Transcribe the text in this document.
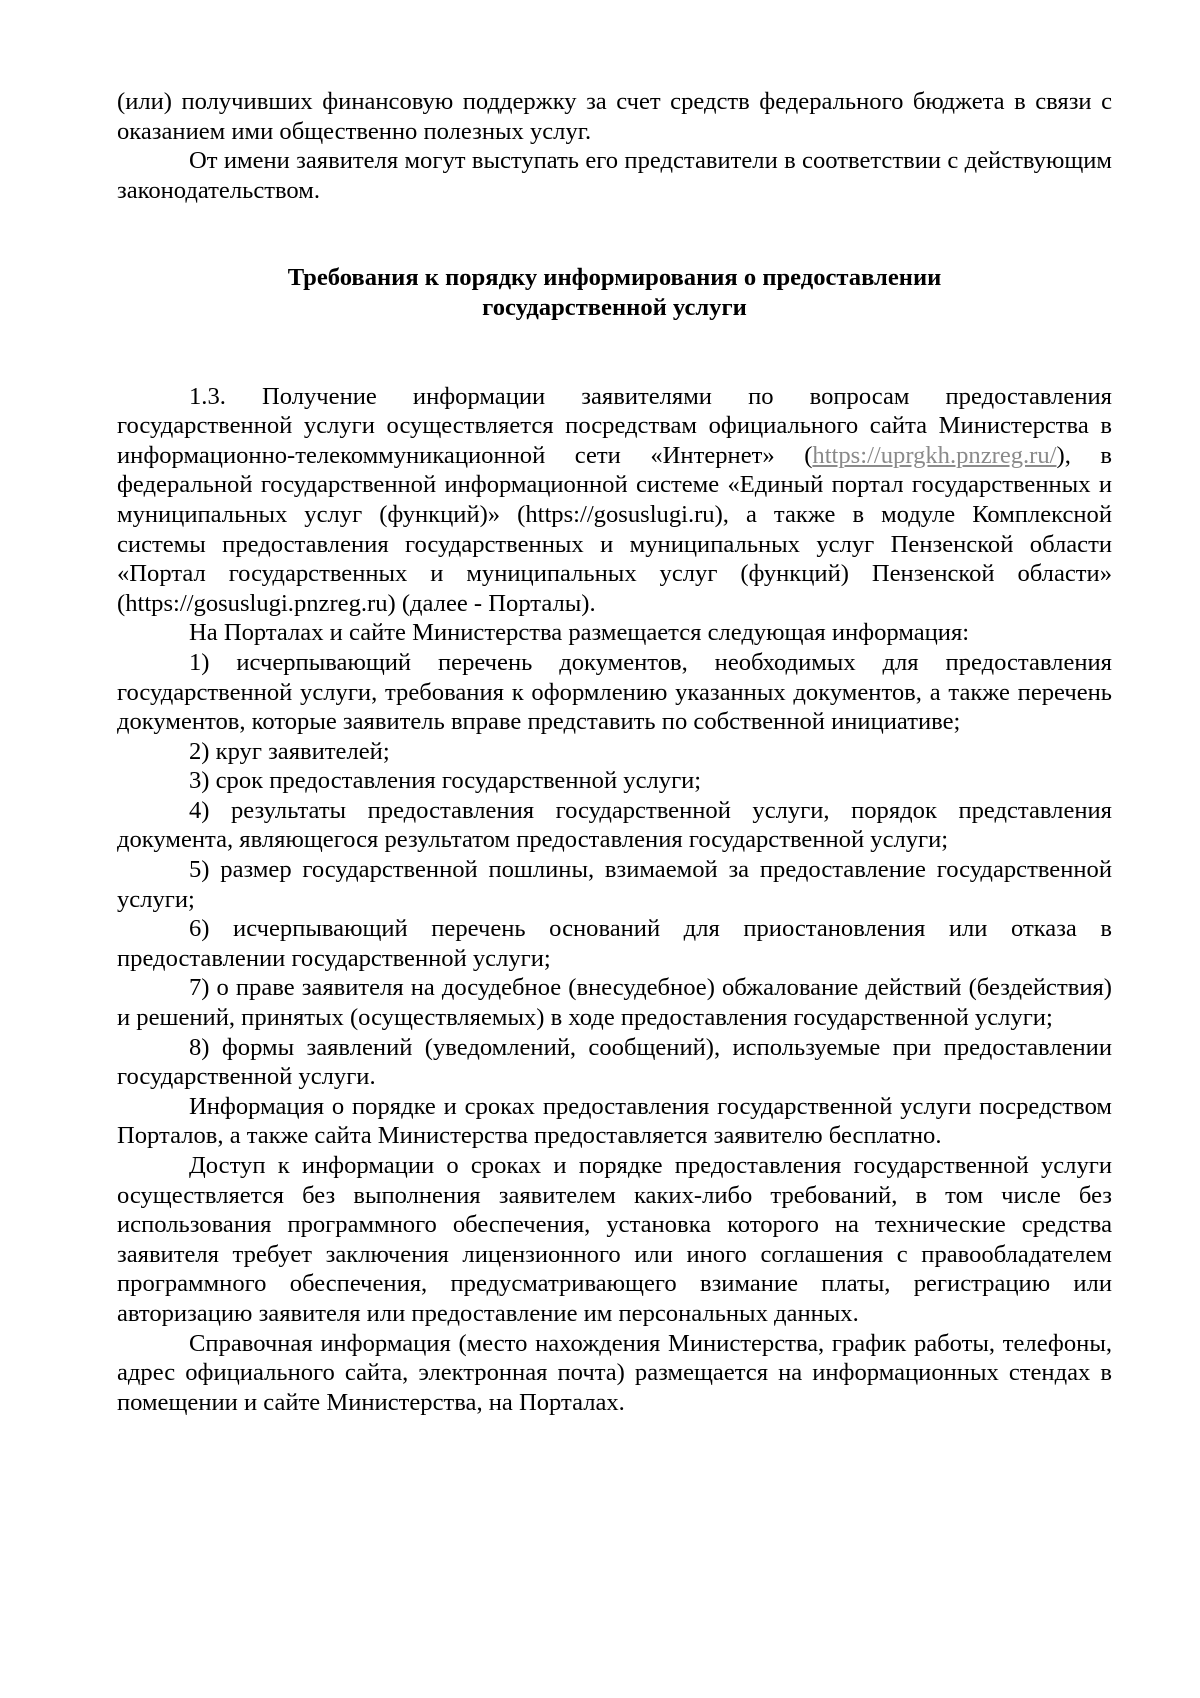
(или) получивших финансовую поддержку за счет средств федерального бюджета в связи с оказанием ими общественно полезных услуг.

От имени заявителя могут выступать его представители в соответствии с действующим законодательством.

Требования к порядку информирования о предоставлении
государственной услуги

1.3. Получение информации заявителями по вопросам предоставления государственной услуги осуществляется посредствам официального сайта Министерства в информационно-телекоммуникационной сети «Интернет» (https://uprgkh.pnzreg.ru/), в федеральной государственной информационной системе «Единый портал государственных и муниципальных услуг (функций)» (https://gosuslugi.ru), а также в модуле Комплексной системы предоставления государственных и муниципальных услуг Пензенской области «Портал государственных и муниципальных услуг (функций) Пензенской области» (https://gosuslugi.pnzreg.ru) (далее - Порталы).

На Порталах и сайте Министерства размещается следующая информация:

1) исчерпывающий перечень документов, необходимых для предоставления государственной услуги, требования к оформлению указанных документов, а также перечень документов, которые заявитель вправе представить по собственной инициативе;

2) круг заявителей;

3) срок предоставления государственной услуги;

4) результаты предоставления государственной услуги, порядок представления документа, являющегося результатом предоставления государственной услуги;

5) размер государственной пошлины, взимаемой за предоставление государственной услуги;

6) исчерпывающий перечень оснований для приостановления или отказа в предоставлении государственной услуги;

7) о праве заявителя на досудебное (внесудебное) обжалование действий (бездействия) и решений, принятых (осуществляемых) в ходе предоставления государственной услуги;

8) формы заявлений (уведомлений, сообщений), используемые при предоставлении государственной услуги.

Информация о порядке и сроках предоставления государственной услуги посредством Порталов, а также сайта Министерства предоставляется заявителю бесплатно.

Доступ к информации о сроках и порядке предоставления государственной услуги осуществляется без выполнения заявителем каких-либо требований, в том числе без использования программного обеспечения, установка которого на технические средства заявителя требует заключения лицензионного или иного соглашения с правообладателем программного обеспечения, предусматривающего взимание платы, регистрацию или авторизацию заявителя или предоставление им персональных данных.

Справочная информация (место нахождения Министерства, график работы, телефоны, адрес официального сайта, электронная почта) размещается на информационных стендах в помещении и сайте Министерства, на Порталах.
